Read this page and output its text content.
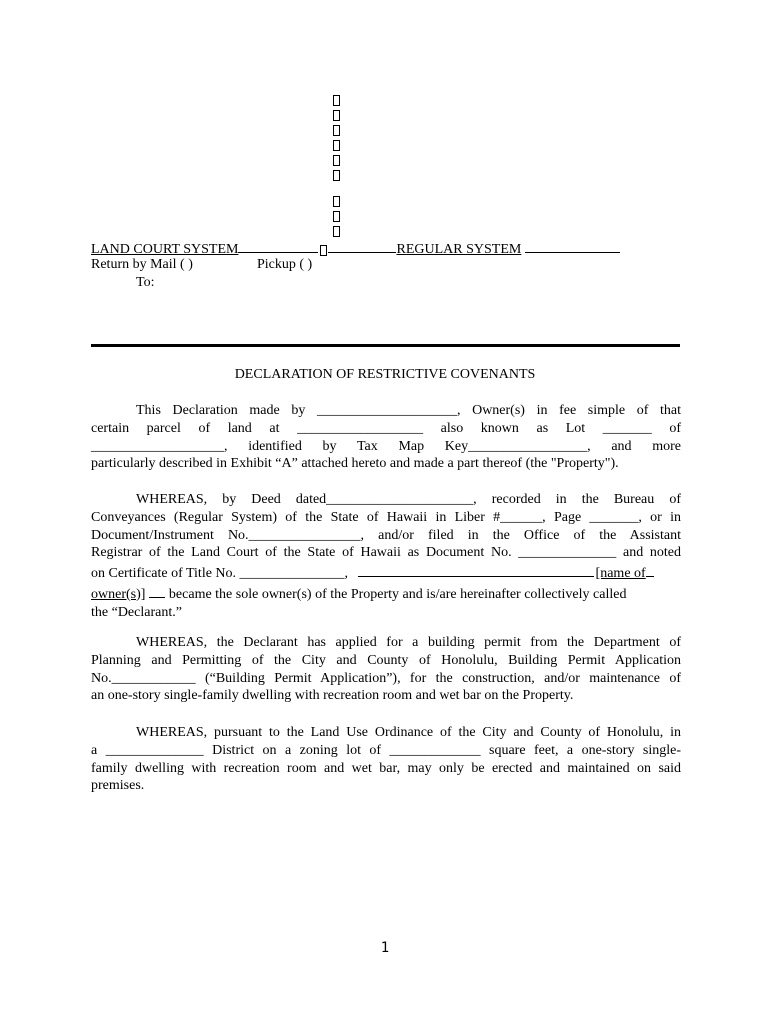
LAND COURT SYSTEM	REGULAR SYSTEM
Return by Mail ( )	Pickup ( )
To:
DECLARATION OF RESTRICTIVE COVENANTS
This Declaration made by ____________________, Owner(s) in fee simple of that
certain parcel of land at __________________ also known as Lot _______ of
___________________, identified by Tax Map Key_________________, and more
particularly described in Exhibit “A” attached hereto and made a part thereof (the "Property").
WHEREAS, by Deed dated_____________________, recorded in the Bureau of
Conveyances (Regular System) of the State of Hawaii in Liber #______, Page _______, or in
Document/Instrument No.________________, and/or filed in the Office of the Assistant
Registrar of the Land Court of the State of Hawaii as Document No. ______________ and noted
on Certificate of Title No. _______________,	[name of
owner(s)] became the sole owner(s) of the Property and is/are hereinafter collectively called
the “Declarant.”
WHEREAS, the Declarant has applied for a building permit from the Department of
Planning and Permitting of the City and County of Honolulu, Building Permit Application
No.____________ (“Building Permit Application”), for the construction, and/or maintenance of
an one-story single-family dwelling with recreation room and wet bar on the Property.
WHEREAS, pursuant to the Land Use Ordinance of the City and County of Honolulu, in
a ______________ District on a zoning lot of _____________ square feet, a one-story single-
family dwelling with recreation room and wet bar, may only be erected and maintained on said
premises.
1
